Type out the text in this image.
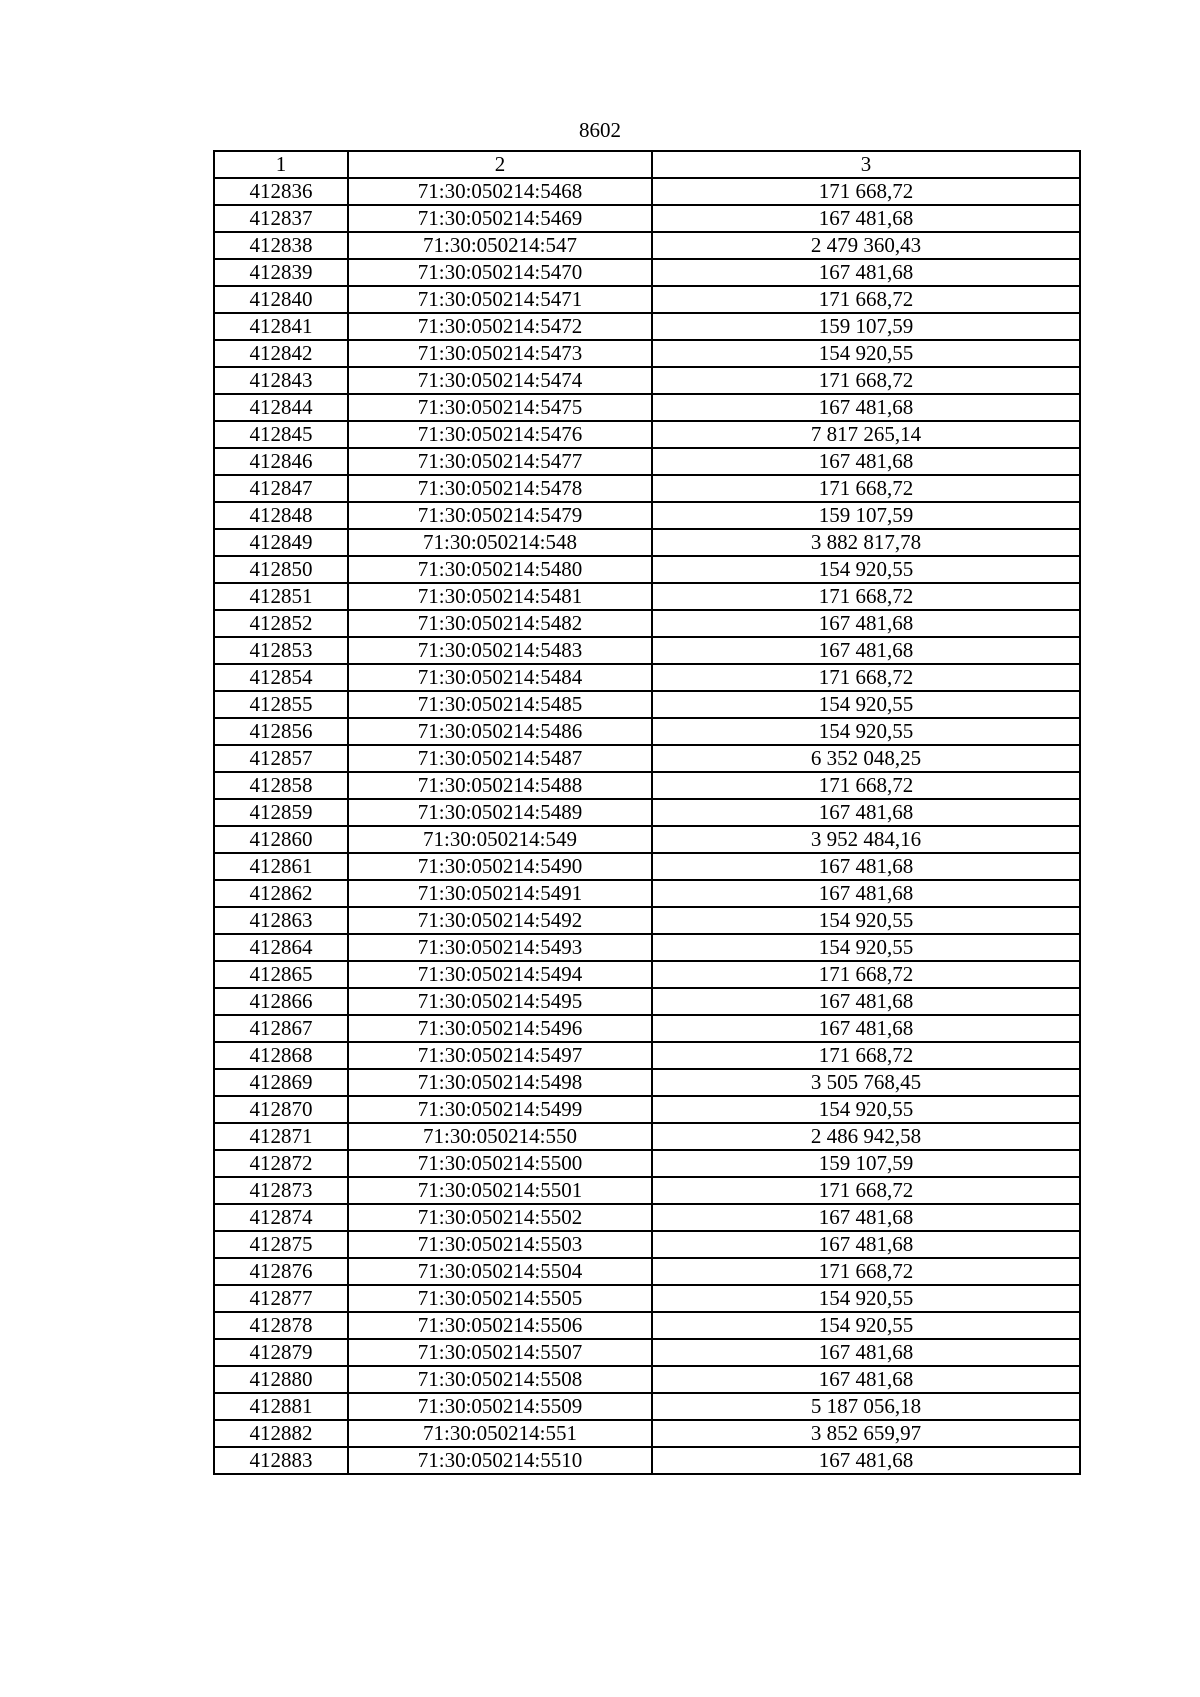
8602
1	2	3
412836	71:30:050214:5468	171 668,72
412837	71:30:050214:5469	167 481,68
412838	71:30:050214:547	2 479 360,43
412839	71:30:050214:5470	167 481,68
412840	71:30:050214:5471	171 668,72
412841	71:30:050214:5472	159 107,59
412842	71:30:050214:5473	154 920,55
412843	71:30:050214:5474	171 668,72
412844	71:30:050214:5475	167 481,68
412845	71:30:050214:5476	7 817 265,14
412846	71:30:050214:5477	167 481,68
412847	71:30:050214:5478	171 668,72
412848	71:30:050214:5479	159 107,59
412849	71:30:050214:548	3 882 817,78
412850	71:30:050214:5480	154 920,55
412851	71:30:050214:5481	171 668,72
412852	71:30:050214:5482	167 481,68
412853	71:30:050214:5483	167 481,68
412854	71:30:050214:5484	171 668,72
412855	71:30:050214:5485	154 920,55
412856	71:30:050214:5486	154 920,55
412857	71:30:050214:5487	6 352 048,25
412858	71:30:050214:5488	171 668,72
412859	71:30:050214:5489	167 481,68
412860	71:30:050214:549	3 952 484,16
412861	71:30:050214:5490	167 481,68
412862	71:30:050214:5491	167 481,68
412863	71:30:050214:5492	154 920,55
412864	71:30:050214:5493	154 920,55
412865	71:30:050214:5494	171 668,72
412866	71:30:050214:5495	167 481,68
412867	71:30:050214:5496	167 481,68
412868	71:30:050214:5497	171 668,72
412869	71:30:050214:5498	3 505 768,45
412870	71:30:050214:5499	154 920,55
412871	71:30:050214:550	2 486 942,58
412872	71:30:050214:5500	159 107,59
412873	71:30:050214:5501	171 668,72
412874	71:30:050214:5502	167 481,68
412875	71:30:050214:5503	167 481,68
412876	71:30:050214:5504	171 668,72
412877	71:30:050214:5505	154 920,55
412878	71:30:050214:5506	154 920,55
412879	71:30:050214:5507	167 481,68
412880	71:30:050214:5508	167 481,68
412881	71:30:050214:5509	5 187 056,18
412882	71:30:050214:551	3 852 659,97
412883	71:30:050214:5510	167 481,68
